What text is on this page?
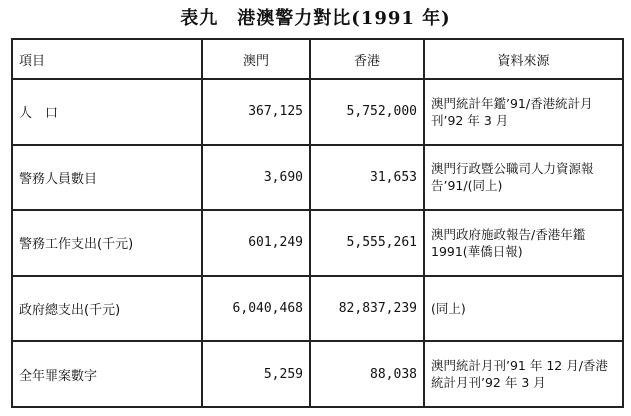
表九　港澳警力對比(1991 年)
項目	澳門	香港	資料來源
人　口	367,125	5,752,000	澳門統計年鑑’91/香港統計月刊’92 年 3 月
警務人員數目	3,690	31,653	澳門行政暨公職司人力資源報告’91/(同上)
警務工作支出(千元)	601,249	5,555,261	澳門政府施政報告/香港年鑑 1991(華僑日報)
政府總支出(千元)	6,040,468	82,837,239	(同上)
全年罪案數字	5,259	88,038	澳門統計月刊’91 年 12 月/香港統計月刊’92 年 3 月
